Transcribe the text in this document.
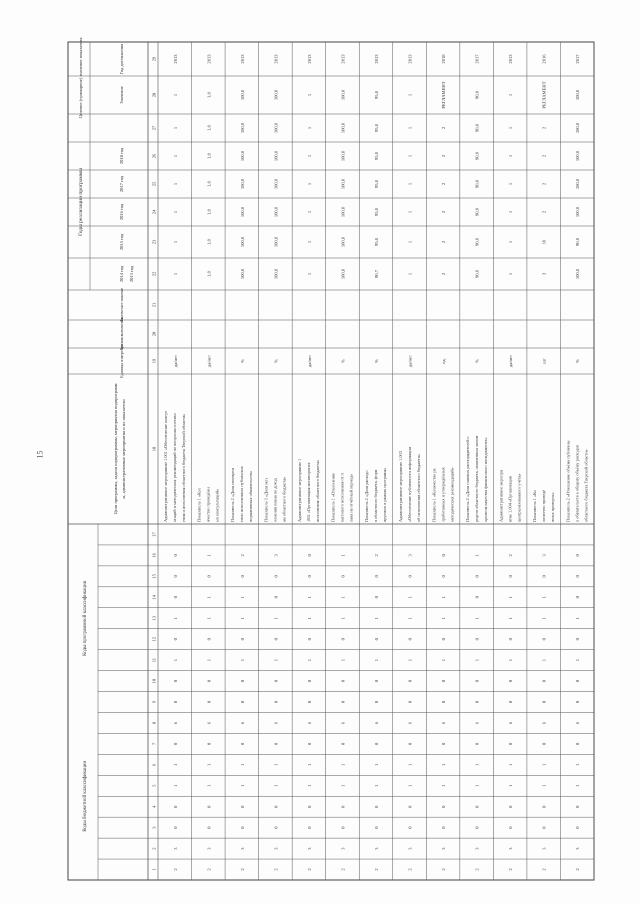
Коды бюджетной классификации
Коды программной классификации
Годы реализации программы
Целевое (суммарное) значение показателя
Цели программы, задачи подпрограммы, мероприятия подпрограмм ы, административные мероприятия и их показатели
Единица измерения
Признак выполнения
Фактическое значение
2014 год
2015 год
2016 год
2017 год
2018 год
Значение
Год достижения
2013 год
1
2
3
4
5
6
7
8
9
10
11
12
13
14
15
16
17
18
19
20
21
22
23
24
25
26
27
28
29
2
3
0
0
1
1
0
6
0
0
1
0
1
0
0
0
Административное мероприятие 1.001 «Обеспечение консул ьтаций и методических рекомендаций по вопросам составл ения и исполнения областного бюджета Тверской области»
да/нет
1
1
1
1
1
1
1
2013
2
3
0
0
1
1
0
6
0
0
1
0
1
1
0
1
Показатель 1 «Кол ичество проведённ ых консультаций»
да/нет
1,0
1,0
1,0
1,0
1,0
1,0
1,0
2013
2
3
0
0
1
1
0
6
0
0
1
0
1
1
0
2
Показатель 2 «Доля своеврем енно исполненных публичных нормативных обязательств»
%
100,0
100,0
100,0
100,0
100,0
100,0
100,0
2013
2
3
0
0
1
1
0
6
0
0
1
0
1
0
0
3
Показатель 3 «Доля исп олнения плана по доход ам областного бюджета»
%
100,0
100,0
100,0
100,0
100,0
100,0
100,0
2013
2
3
0
0
1
1
0
6
0
0
1
0
1
1
0
0
Административное мероприятие 1 .002 «Организация мониторинга исполнения областного бюджета»
да/нет
1
1
1
1
1
1
1
2013
2
3
0
0
1
1
0
6
0
0
1
0
1
1
0
1
Показатель 1 «Отклонение кассового исполнения от п лана на отчётный период»
%
100,0
100,0
100,0
100,0
100,0
100,0
100,0
2013
2
3
0
0
1
1
0
6
0
0
1
0
1
0
0
2
Показатель 2 «Доля расходо в областного бюджета, форм ируемых в рамках программ»
%
90,7
95,0
95,0
95,0
95,0
95,0
95,0
2013
2
3
0
0
1
1
0
6
0
0
1
0
1
1
0
3
Административное мероприятие 1.003 «Обеспечение публичности информации об исполнении областного бюджета»
да/нет
1
1
1
1
1
1
1
2013
2
3
0
0
1
1
0
6
0
0
1
0
1
1
0
0
Показатель 1 «Количество ра зработанных и утверждённых методических рекомендаций»
ед.
2
2
2
2
2
2
РЕГЛАМЕНТ
2018
2
3
0
0
1
1
0
6
0
0
1
0
1
0
0
1
Показатель 2 «Доля главных распорядителей с редств областного бюджета, охваченных монит орингом качества финансового менеджмента»
%
90,0
90,0
90,0
90,0
90,0
90,0
90,0
2017
2
3
0
0
1
1
0
6
0
0
1
0
1
1
0
2
Административное меропри ятие 1.004 «Организация централизованного учёта»
да/нет
1
1
1
1
1
1
1
2013
2
3
0
0
1
1
0
6
0
0
1
0
1
1
0
3
Показатель 1 «Ко личество проведё нных проверок»
шт
3
10
2
2
2
2
РЕГЛАМЕНТ
2016
2
3
0
0
1
1
0
6
0
0
1
0
1
0
0
0
Показатель 2 «Отношение объёма публичны х обязательств к общему объёму расходов областного бюджета Тверской области»
%
100,0
90,0
100,0
100,0
100,0
100,0
100,0
2017
15
